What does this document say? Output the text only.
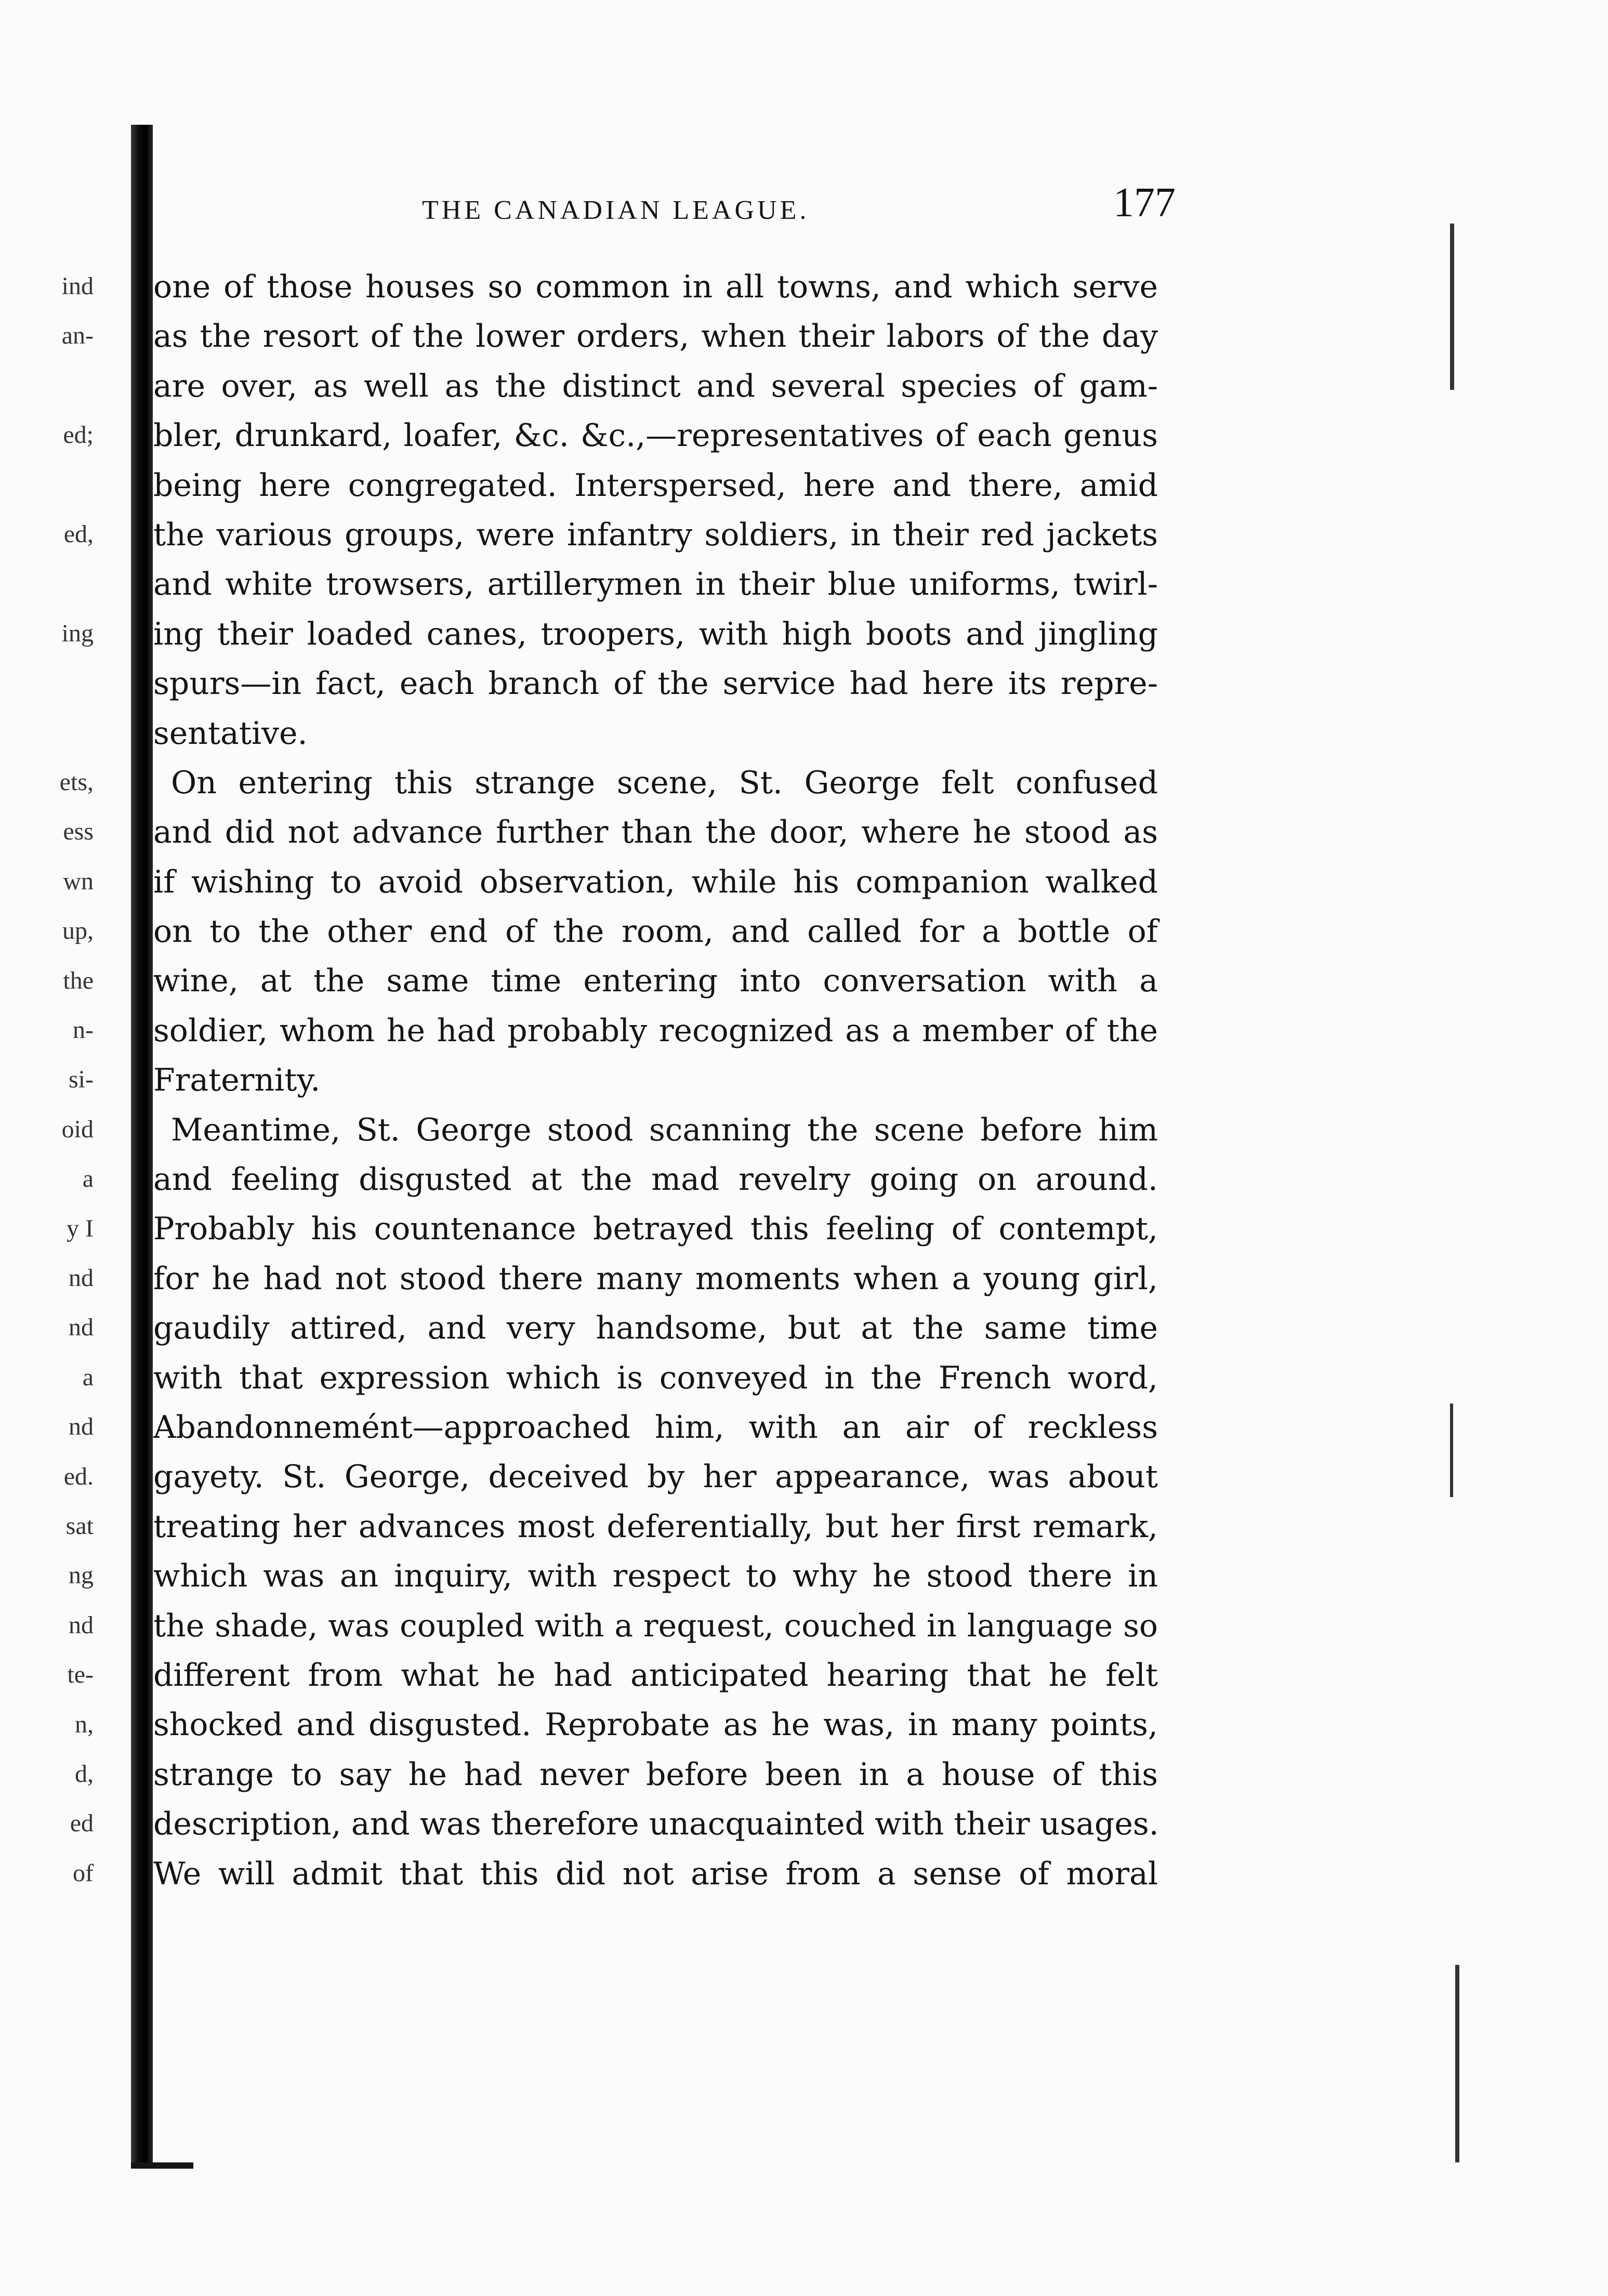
ind
an-
ed;
ed,
ing
ets,
ess
wn
up,
the
n-
si-
oid
a
y I
nd
nd
a
nd
ed.
sat
ng
nd
te-
n,
d,
ed
of
THE CANADIAN LEAGUE.	177
one of those houses so common in all towns, and which serve
as the resort of the lower orders, when their labors of the day
are over, as well as the distinct and several species of gam-
bler, drunkard, loafer, &c. &c.,—representatives of each genus
being here congregated. Interspersed, here and there, amid
the various groups, were infantry soldiers, in their red jackets
and white trowsers, artillerymen in their blue uniforms, twirl-
ing their loaded canes, troopers, with high boots and jingling
spurs—in fact, each branch of the service had here its repre-
sentative.
On entering this strange scene, St. George felt confused
and did not advance further than the door, where he stood as
if wishing to avoid observation, while his companion walked
on to the other end of the room, and called for a bottle of
wine, at the same time entering into conversation with a
soldier, whom he had probably recognized as a member of the
Fraternity.
Meantime, St. George stood scanning the scene before him
and feeling disgusted at the mad revelry going on around.
Probably his countenance betrayed this feeling of contempt,
for he had not stood there many moments when a young girl,
gaudily attired, and very handsome, but at the same time
with that expression which is conveyed in the French word,
Abandonnemént—approached him, with an air of reckless
gayety. St. George, deceived by her appearance, was about
treating her advances most deferentially, but her first remark,
which was an inquiry, with respect to why he stood there in
the shade, was coupled with a request, couched in language so
different from what he had anticipated hearing that he felt
shocked and disgusted. Reprobate as he was, in many points,
strange to say he had never before been in a house of this
description, and was therefore unacquainted with their usages.
We will admit that this did not arise from a sense of moral
